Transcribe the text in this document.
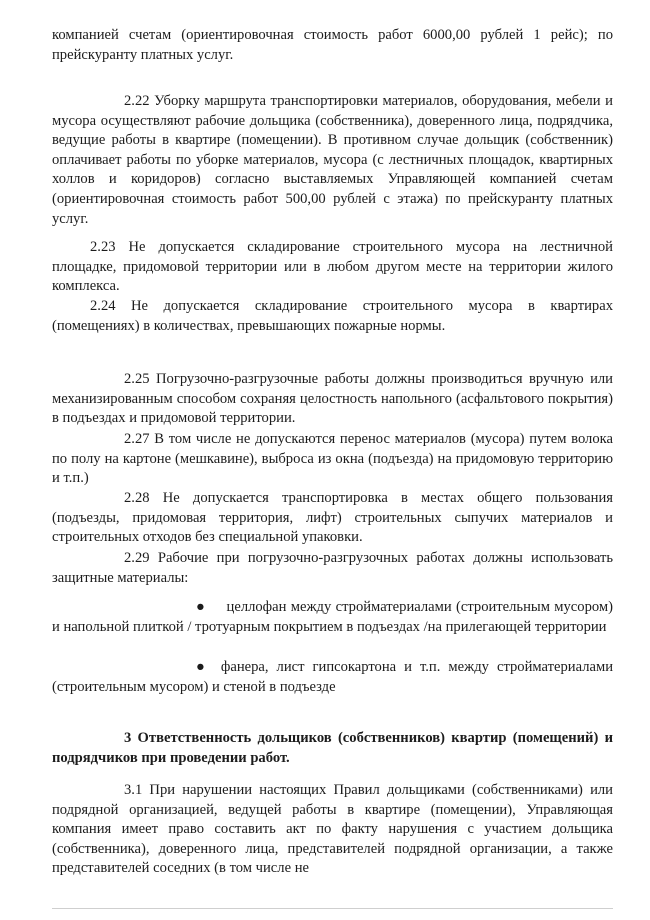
компанией счетам (ориентировочная стоимость работ 6000,00 рублей 1 рейс); по прейскуранту платных услуг.

2.22 Уборку маршрута транспортировки материалов, оборудования, мебели и мусора осуществляют рабочие дольщика (собственника), доверенного лица, подрядчика, ведущие работы в квартире (помещении). В противном случае дольщик (собственник) оплачивает работы по уборке материалов, мусора (с лестничных площадок, квартирных холлов и коридоров) согласно выставляемых Управляющей компанией счетам (ориентировочная стоимость работ 500,00 рублей с этажа) по прейскуранту платных услуг.

2.23 Не допускается складирование строительного мусора на лестничной площадке, придомовой территории или в любом другом месте на территории жилого комплекса.

2.24 Не допускается складирование строительного мусора в квартирах (помещениях) в количествах, превышающих пожарные нормы.

2.25 Погрузочно-разгрузочные работы должны производиться вручную или механизированным способом сохраняя целостность напольного (асфальтового покрытия) в подъездах и придомовой территории.

2.27 В том числе не допускаются перенос материалов (мусора) путем волока по полу на картоне (мешкавине), выброса из окна (подъезда) на придомовую территорию и т.п.)

2.28 Не допускается транспортировка в местах общего пользования (подъезды, придомовая территория, лифт) строительных сыпучих материалов и строительных отходов без специальной упаковки.

2.29 Рабочие при погрузочно-разгрузочных работах должны использовать защитные материалы:

● целлофан между стройматериалами (строительным мусором) и напольной плиткой / тротуарным покрытием в подъездах /на прилегающей территории

● фанера, лист гипсокартона и т.п. между стройматериалами (строительным мусором) и стеной в подъезде

3 Ответственность дольщиков (собственников) квартир (помещений) и подрядчиков при проведении работ.

3.1 При нарушении настоящих Правил дольщиками (собственниками) или подрядной организацией, ведущей работы в квартире (помещении), Управляющая компания имеет право составить акт по факту нарушения с участием дольщика (собственника), доверенного лица, представителей подрядной организации, а также представителей соседних (в том числе не
